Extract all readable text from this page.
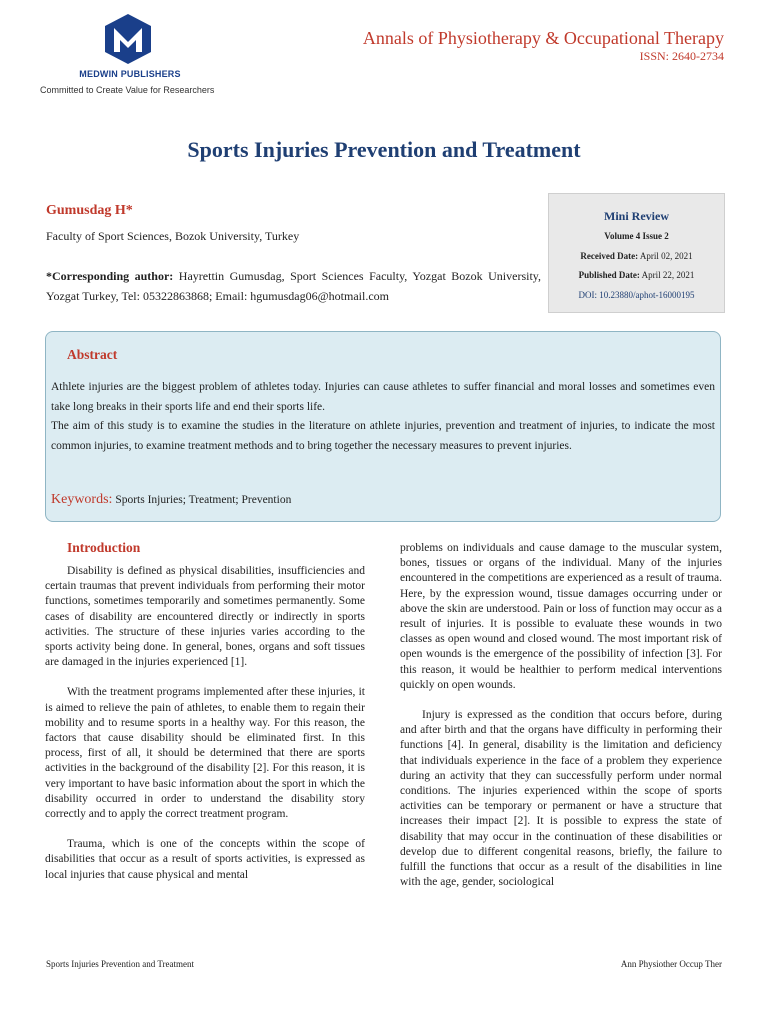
MEDWIN PUBLISHERS
Committed to Create Value for Researchers
Annals of Physiotherapy & Occupational Therapy
ISSN: 2640-2734
Sports Injuries Prevention and Treatment
Gumusdag H*
Faculty of Sport Sciences, Bozok University, Turkey
*Corresponding author: Hayrettin Gumusdag, Sport Sciences Faculty, Yozgat Bozok University, Yozgat Turkey, Tel: 05322863868; Email: hgumusdag06@hotmail.com
Mini Review
Volume 4 Issue 2
Received Date: April 02, 2021
Published Date: April 22, 2021
DOI: 10.23880/aphot-16000195
Abstract

Athlete injuries are the biggest problem of athletes today. Injuries can cause athletes to suffer financial and moral losses and sometimes even take long breaks in their sports life and end their sports life.

The aim of this study is to examine the studies in the literature on athlete injuries, prevention and treatment of injuries, to indicate the most common injuries, to examine treatment methods and to bring together the necessary measures to prevent injuries.

Keywords: Sports Injuries; Treatment; Prevention
Introduction

Disability is defined as physical disabilities, insufficiencies and certain traumas that prevent individuals from performing their motor functions, sometimes temporarily and sometimes permanently. Some cases of disability are encountered directly or indirectly in sports activities. The structure of these injuries varies according to the sports activity being done. In general, bones, organs and soft tissues are damaged in the injuries experienced [1].

With the treatment programs implemented after these injuries, it is aimed to relieve the pain of athletes, to enable them to regain their mobility and to resume sports in a healthy way. For this reason, the factors that cause disability should be eliminated first. In this process, first of all, it should be determined that there are sports activities in the background of the disability [2]. For this reason, it is very important to have basic information about the sport in which the disability occurred in order to understand the disability story correctly and to apply the correct treatment program.

Trauma, which is one of the concepts within the scope of disabilities that occur as a result of sports activities, is expressed as local injuries that cause physical and mental

problems on individuals and cause damage to the muscular system, bones, tissues or organs of the individual. Many of the injuries encountered in the competitions are experienced as a result of trauma. Here, by the expression wound, tissue damages occurring under or above the skin are understood. Pain or loss of function may occur as a result of injuries. It is possible to evaluate these wounds in two classes as open wound and closed wound. The most important risk of open wounds is the emergence of the possibility of infection [3]. For this reason, it would be healthier to perform medical interventions quickly on open wounds.

Injury is expressed as the condition that occurs before, during and after birth and that the organs have difficulty in performing their functions [4]. In general, disability is the limitation and deficiency that individuals experience in the face of a problem they experience during an activity that they can successfully perform under normal conditions. The injuries experienced within the scope of sports activities can be temporary or permanent or have a structure that increases their impact [2]. It is possible to express the state of disability that may occur in the continuation of these disabilities or develop due to different congenital reasons, briefly, the failure to fulfill the functions that occur as a result of the disabilities in line with the age, gender, sociological

Sports Injuries Prevention and Treatment	Ann Physiother Occup Ther
